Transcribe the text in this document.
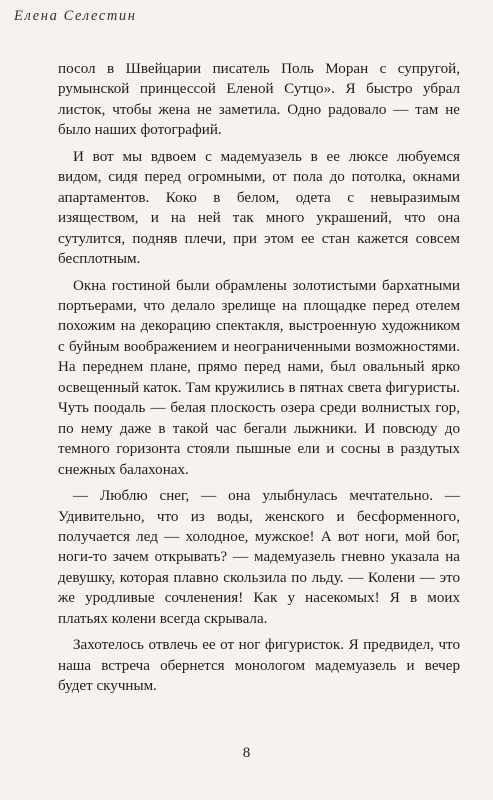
Елена Селестин

посол в Швейцарии писатель Поль Моран с супругой, румынской принцессой Еленой Сутцо». Я быстро убрал листок, чтобы жена не заметила. Одно радовало — там не было наших фотографий.

И вот мы вдвоем с мадемуазель в ее люксе любуемся видом, сидя перед огромными, от пола до потолка, окнами апартаментов. Коко в белом, одета с невыразимым изяществом, и на ней так много украшений, что она сутулится, подняв плечи, при этом ее стан кажется совсем бесплотным.

Окна гостиной были обрамлены золотистыми бархатными портьерами, что делало зрелище на площадке перед отелем похожим на декорацию спектакля, выстроенную художником с буйным воображением и неограниченными возможностями. На переднем плане, прямо перед нами, был овальный ярко освещенный каток. Там кружились в пятнах света фигуристы. Чуть поодаль — белая плоскость озера среди волнистых гор, по нему даже в такой час бегали лыжники. И повсюду до темного горизонта стояли пышные ели и сосны в раздутых снежных балахонах.

— Люблю снег, — она улыбнулась мечтательно. — Удивительно, что из воды, женского и бесформенного, получается лед — холодное, мужское! А вот ноги, мой бог, ноги-то зачем открывать? — мадемуазель гневно указала на девушку, которая плавно скользила по льду. — Колени — это же уродливые сочленения! Как у насекомых! Я в моих платьях колени всегда скрывала.

Захотелось отвлечь ее от ног фигуристок. Я предвидел, что наша встреча обернется монологом мадемуазель и вечер будет скучным.

8
